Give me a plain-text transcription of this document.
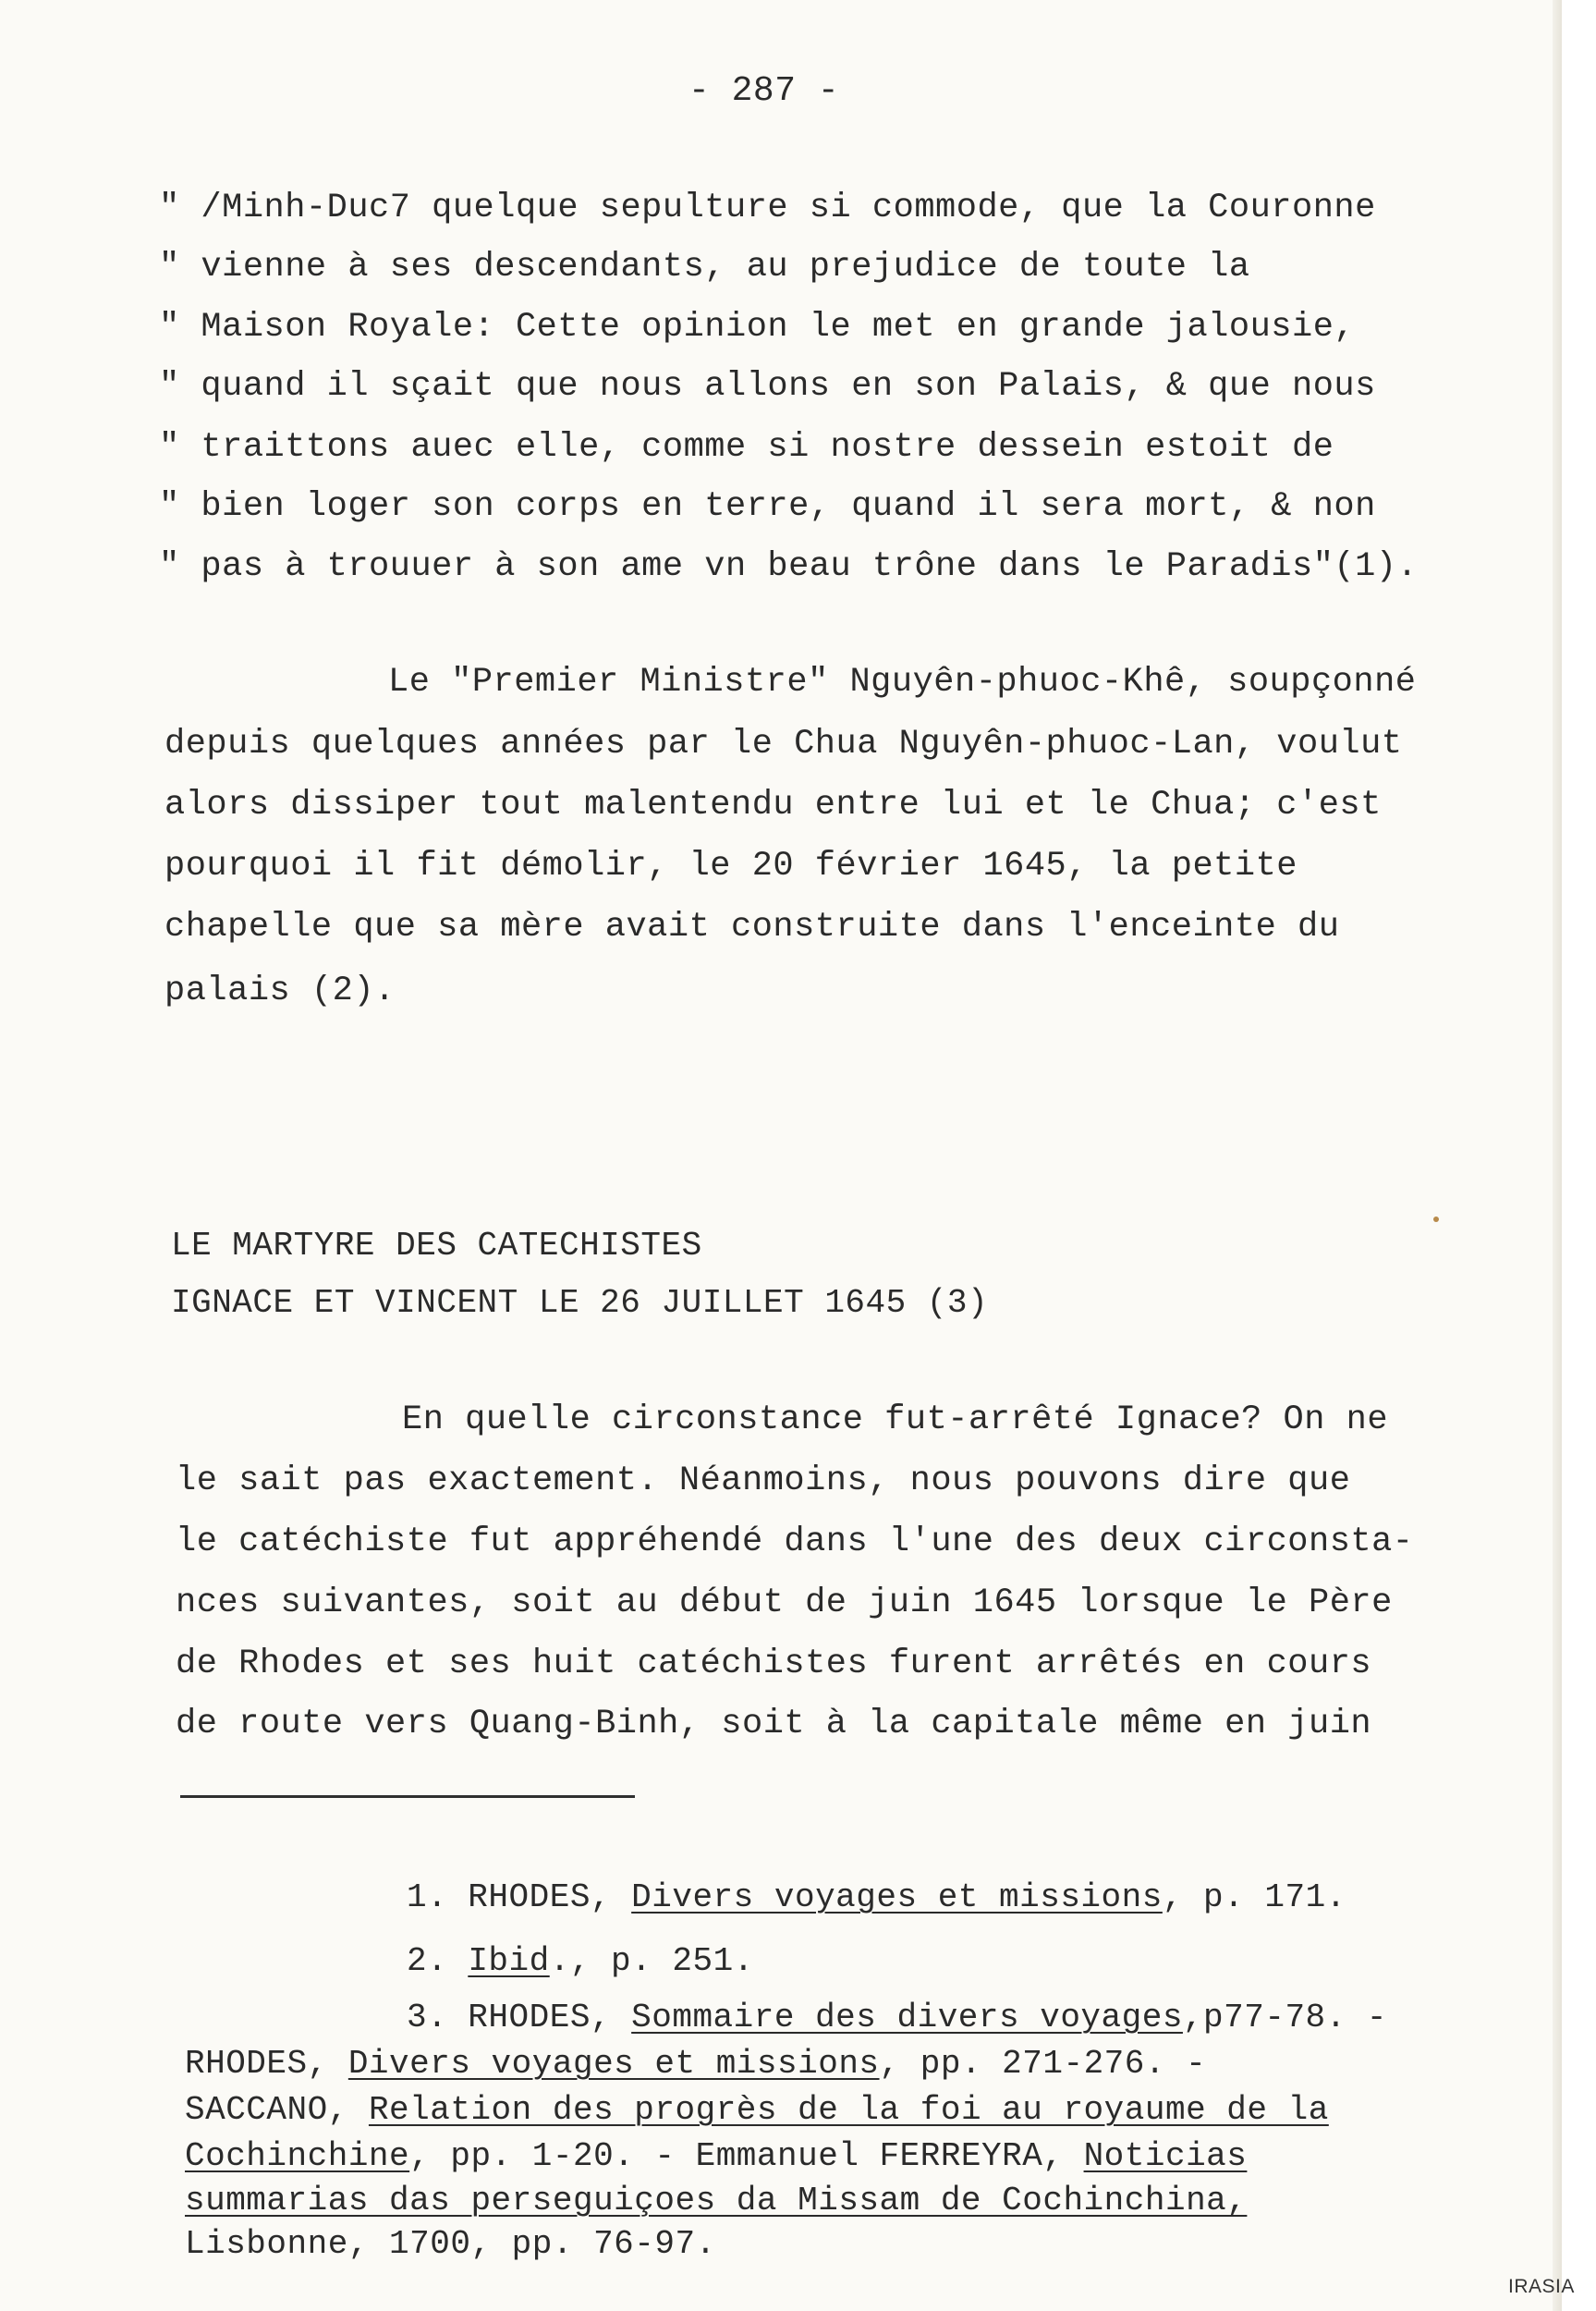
- 287 -
" /Minh-Duc7 quelque sepulture si commode, que la Couronne
" vienne à ses descendants, au prejudice de toute la
" Maison Royale: Cette opinion le met en grande jalousie,
" quand il sçait que nous allons en son Palais, & que nous
" traittons auec elle, comme si nostre dessein estoit de
" bien loger son corps en terre, quand il sera mort, & non
" pas à trouuer à son ame vn beau trône dans le Paradis"(1).
Le "Premier Ministre" Nguyên-phuoc-Khê, soupçonné
depuis quelques années par le Chua Nguyên-phuoc-Lan, voulut
alors dissiper tout malentendu entre lui et le Chua; c'est
pourquoi il fit démolir, le 20 février 1645, la petite
chapelle que sa mère avait construite dans l'enceinte du
palais (2).
LE MARTYRE DES CATECHISTES
IGNACE ET VINCENT LE 26 JUILLET 1645 (3)
En quelle circonstance fut-arrêté Ignace? On ne
le sait pas exactement. Néanmoins, nous pouvons dire que
le catéchiste fut appréhendé dans l'une des deux circonsta-
nces suivantes, soit au début de juin 1645 lorsque le Père
de Rhodes et ses huit catéchistes furent arrêtés en cours
de route vers Quang-Binh, soit à la capitale même en juin
1. RHODES, Divers voyages et missions, p. 171.
2. Ibid., p. 251.
3. RHODES, Sommaire des divers voyages,p77-78. -
RHODES, Divers voyages et missions, pp. 271-276. -
SACCANO, Relation des progrès de la foi au royaume de la
Cochinchine, pp. 1-20. - Emmanuel FERREYRA, Noticias
summarias das perseguiçoes da Missam de Cochinchina,
Lisbonne, 1700, pp. 76-97.
IRASIA
